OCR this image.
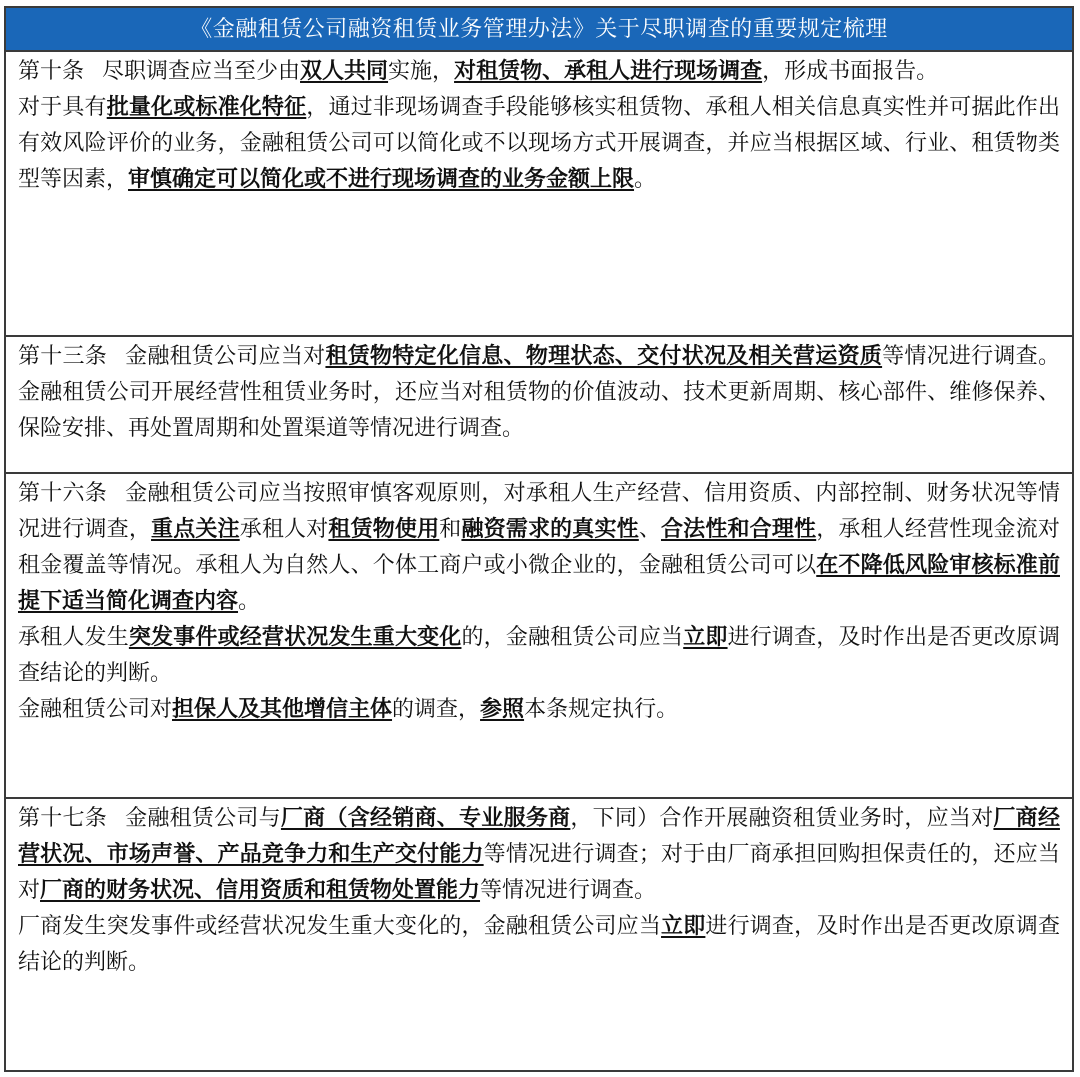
《金融租赁公司融资租赁业务管理办法》关于尽职调查的重要规定梳理

第十条 尽职调查应当至少由双人共同实施，对租赁物、承租人进行现场调查，形成书面报告。

对于具有批量化或标准化特征，通过非现场调查手段能够核实租赁物、承租人相关信息真实性并可据此作出有效风险评价的业务，金融租赁公司可以简化或不以现场方式开展调查，并应当根据区域、行业、租赁物类型等因素，审慎确定可以简化或不进行现场调查的业务金额上限。

第十三条 金融租赁公司应当对租赁物特定化信息、物理状态、交付状况及相关营运资质等情况进行调查。金融租赁公司开展经营性租赁业务时，还应当对租赁物的价值波动、技术更新周期、核心部件、维修保养、保险安排、再处置周期和处置渠道等情况进行调查。

第十六条 金融租赁公司应当按照审慎客观原则，对承租人生产经营、信用资质、内部控制、财务状况等情况进行调查，重点关注承租人对租赁物使用和融资需求的真实性、合法性和合理性，承租人经营性现金流对租金覆盖等情况。承租人为自然人、个体工商户或小微企业的，金融租赁公司可以在不降低风险审核标准前提下适当简化调查内容。

承租人发生突发事件或经营状况发生重大变化的，金融租赁公司应当立即进行调查，及时作出是否更改原调查结论的判断。

金融租赁公司对担保人及其他增信主体的调查，参照本条规定执行。

第十七条 金融租赁公司与厂商（含经销商、专业服务商，下同）合作开展融资租赁业务时，应当对厂商经营状况、市场声誉、产品竞争力和生产交付能力等情况进行调查；对于由厂商承担回购担保责任的，还应当对厂商的财务状况、信用资质和租赁物处置能力等情况进行调查。

厂商发生突发事件或经营状况发生重大变化的，金融租赁公司应当立即进行调查，及时作出是否更改原调查结论的判断。
